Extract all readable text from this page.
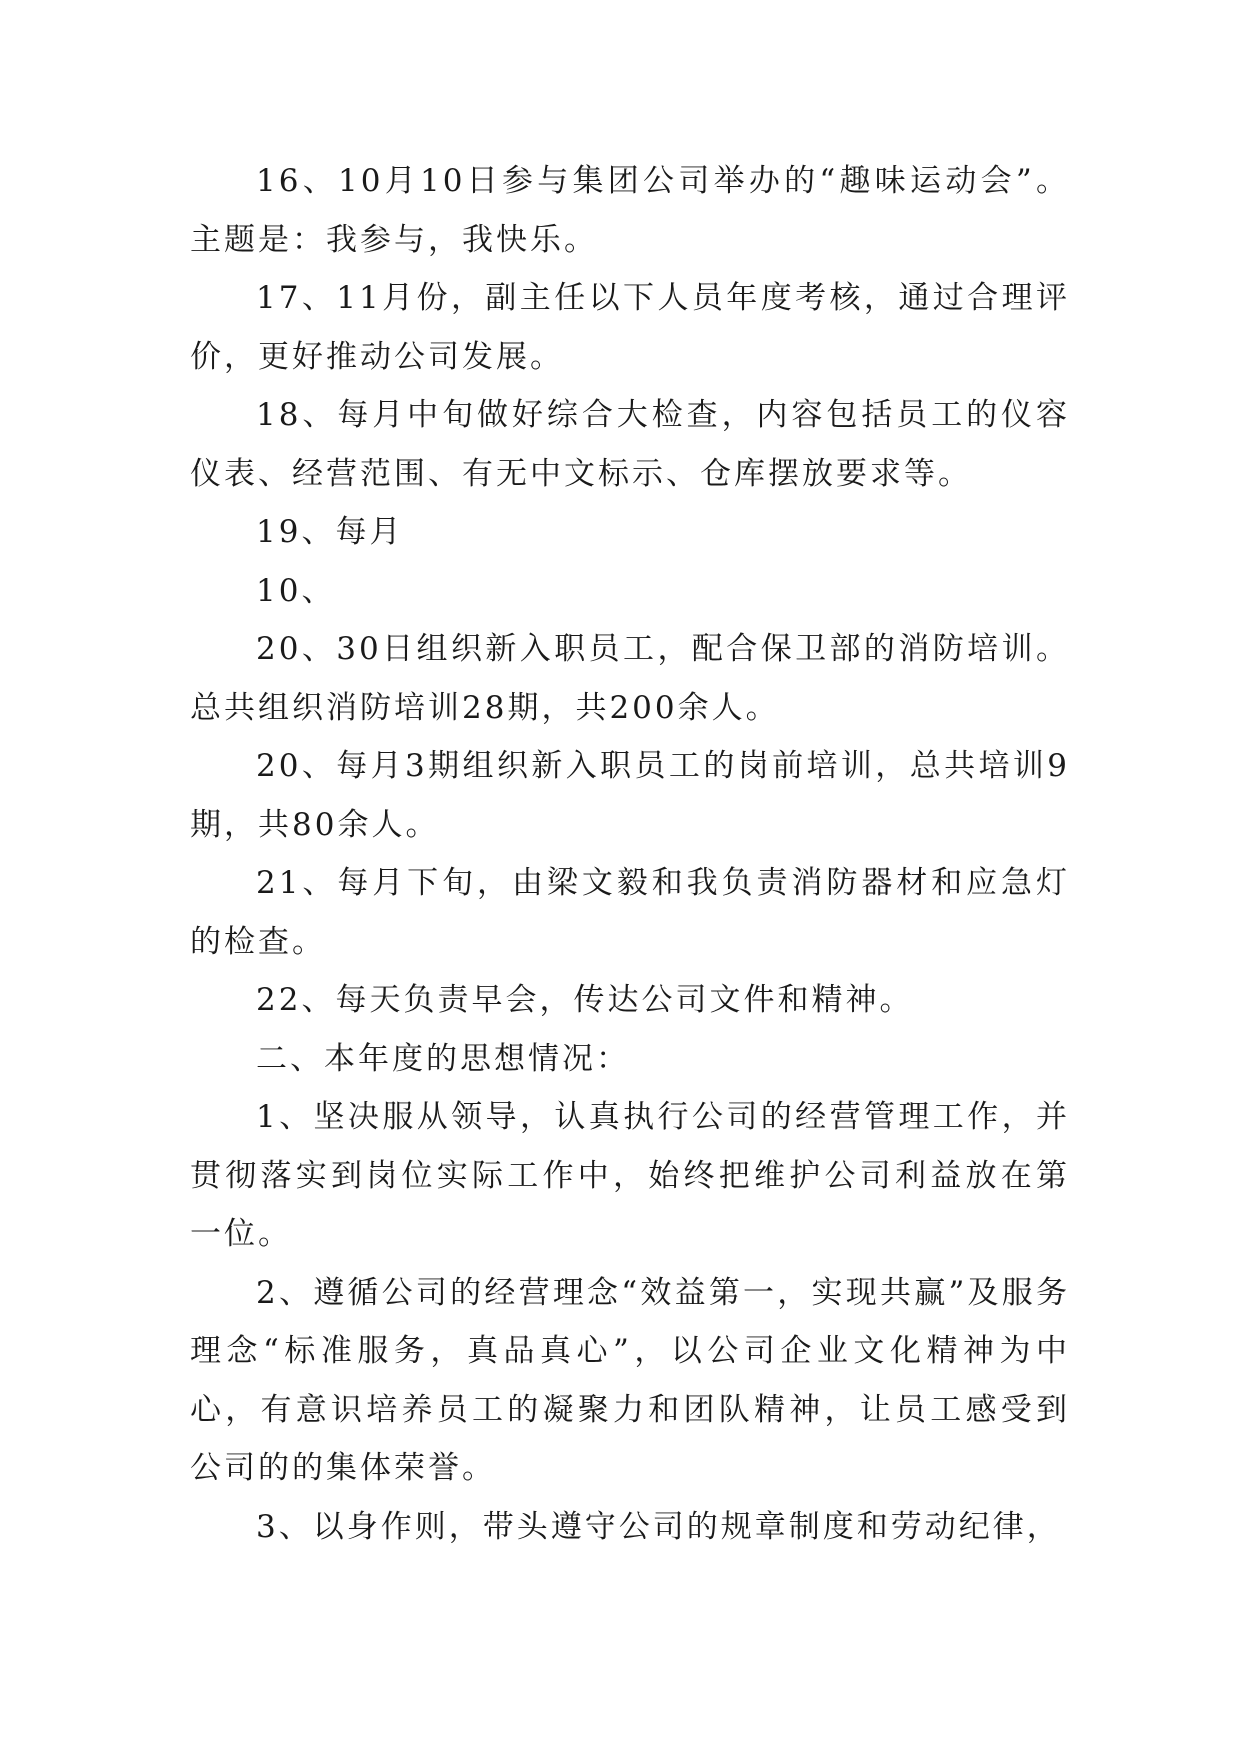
16、10月10日参与集团公司举办的“趣味运动会”。主题是：我参与，我快乐。

17、11月份，副主任以下人员年度考核，通过合理评价，更好推动公司发展。

18、每月中旬做好综合大检查，内容包括员工的仪容仪表、经营范围、有无中文标示、仓库摆放要求等。

19、每月

10、

20、30日组织新入职员工，配合保卫部的消防培训。总共组织消防培训28期，共200余人。

20、每月3期组织新入职员工的岗前培训，总共培训9期，共80余人。

21、每月下旬，由梁文毅和我负责消防器材和应急灯的检查。

22、每天负责早会，传达公司文件和精神。

二、本年度的思想情况：

1、坚决服从领导，认真执行公司的经营管理工作，并贯彻落实到岗位实际工作中，始终把维护公司利益放在第一位。

2、遵循公司的经营理念“效益第一，实现共赢”及服务理念“标准服务，真品真心”，以公司企业文化精神为中心，有意识培养员工的凝聚力和团队精神，让员工感受到公司的的集体荣誉。

3、以身作则，带头遵守公司的规章制度和劳动纪律，
